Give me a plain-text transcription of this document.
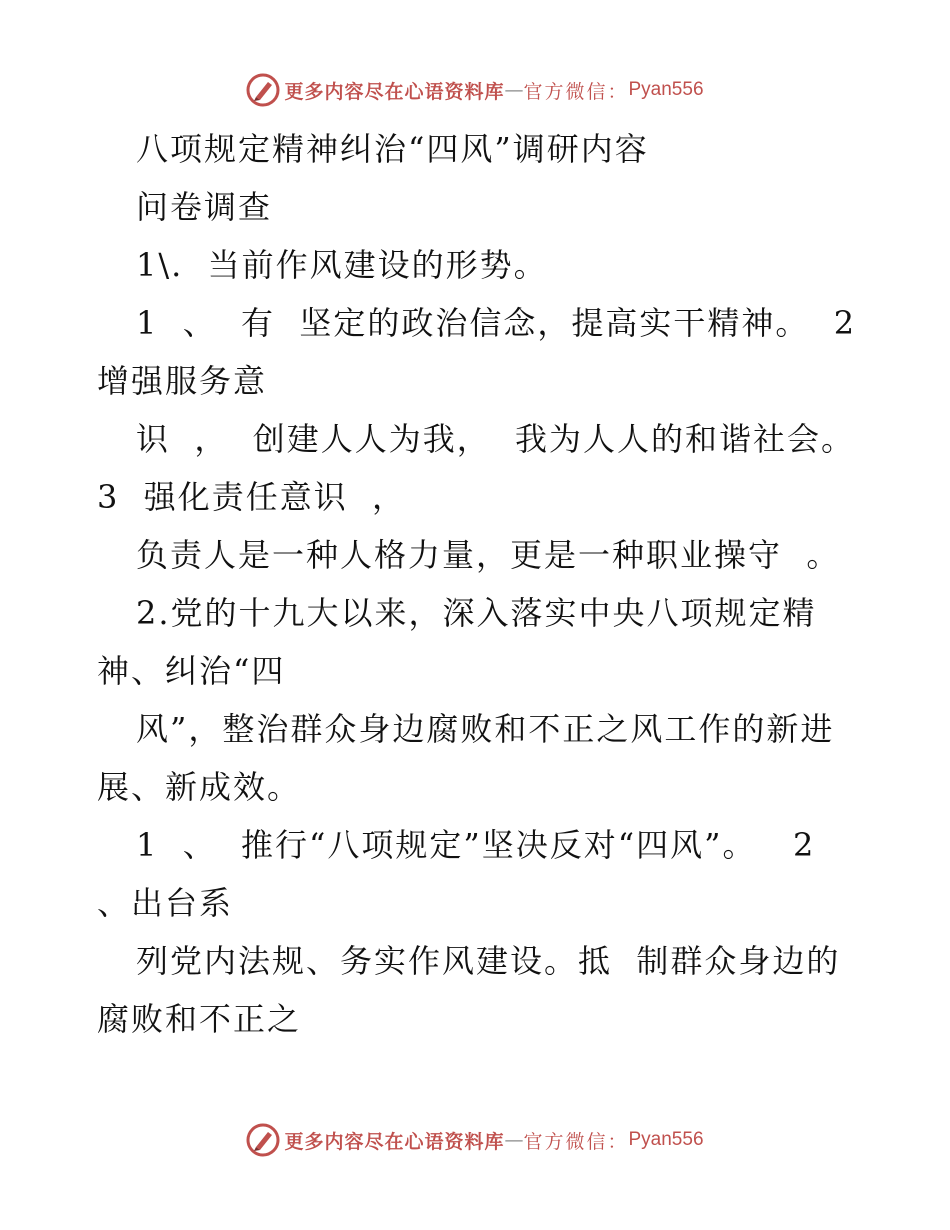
更多内容尽在心语资料库 — 官方微信： Pyan556
八项规定精神纠治“四风”调研内容
问卷调查
1\.  当前作风建设的形势。
1  、  有  坚定的政治信念，提高实干精神。  2
增强服务意
识  ，  创建人人为我，  我为人人的和谐社会。
3  强化责任意识  ，
负责人是一种人格力量，更是一种职业操守  。
2.党的十九大以来，深入落实中央八项规定精
神、纠治“四
风”，整治群众身边腐败和不正之风工作的新进
展、新成效。
1  、  推行“八项规定”坚决反对“四风”。   2
、出台系
列党内法规、务实作风建设。抵  制群众身边的
腐败和不正之
更多内容尽在心语资料库 — 官方微信： Pyan556
